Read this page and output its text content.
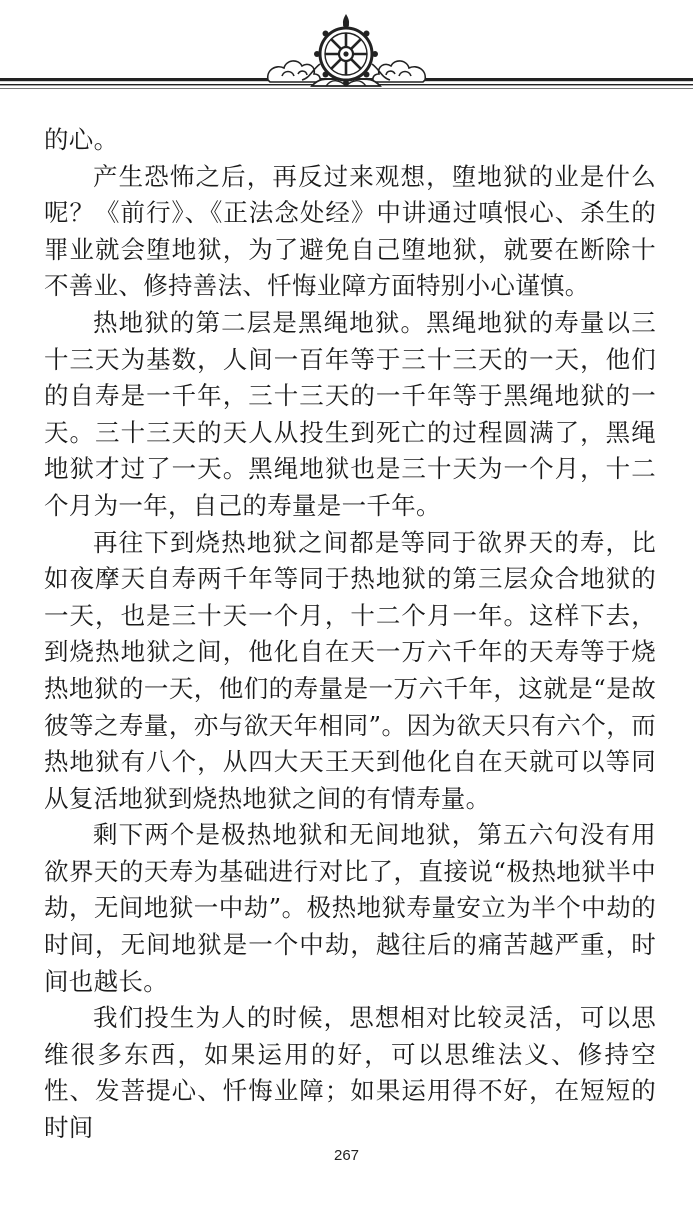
的心。

产生恐怖之后，再反过来观想，堕地狱的业是什么呢？《前行》、《正法念处经》中讲通过嗔恨心、杀生的罪业就会堕地狱，为了避免自己堕地狱，就要在断除十不善业、修持善法、忏悔业障方面特别小心谨慎。

热地狱的第二层是黑绳地狱。黑绳地狱的寿量以三十三天为基数，人间一百年等于三十三天的一天，他们的自寿是一千年，三十三天的一千年等于黑绳地狱的一天。三十三天的天人从投生到死亡的过程圆满了，黑绳地狱才过了一天。黑绳地狱也是三十天为一个月，十二个月为一年，自己的寿量是一千年。

再往下到烧热地狱之间都是等同于欲界天的寿，比如夜摩天自寿两千年等同于热地狱的第三层众合地狱的一天，也是三十天一个月，十二个月一年。这样下去，到烧热地狱之间，他化自在天一万六千年的天寿等于烧热地狱的一天，他们的寿量是一万六千年，这就是“是故彼等之寿量，亦与欲天年相同”。因为欲天只有六个，而热地狱有八个，从四大天王天到他化自在天就可以等同从复活地狱到烧热地狱之间的有情寿量。

剩下两个是极热地狱和无间地狱，第五六句没有用欲界天的天寿为基础进行对比了，直接说“极热地狱半中劫，无间地狱一中劫”。极热地狱寿量安立为半个中劫的时间，无间地狱是一个中劫，越往后的痛苦越严重，时间也越长。

我们投生为人的时候，思想相对比较灵活，可以思维很多东西，如果运用的好，可以思维法义、修持空性、发菩提心、忏悔业障；如果运用得不好，在短短的时间

267
